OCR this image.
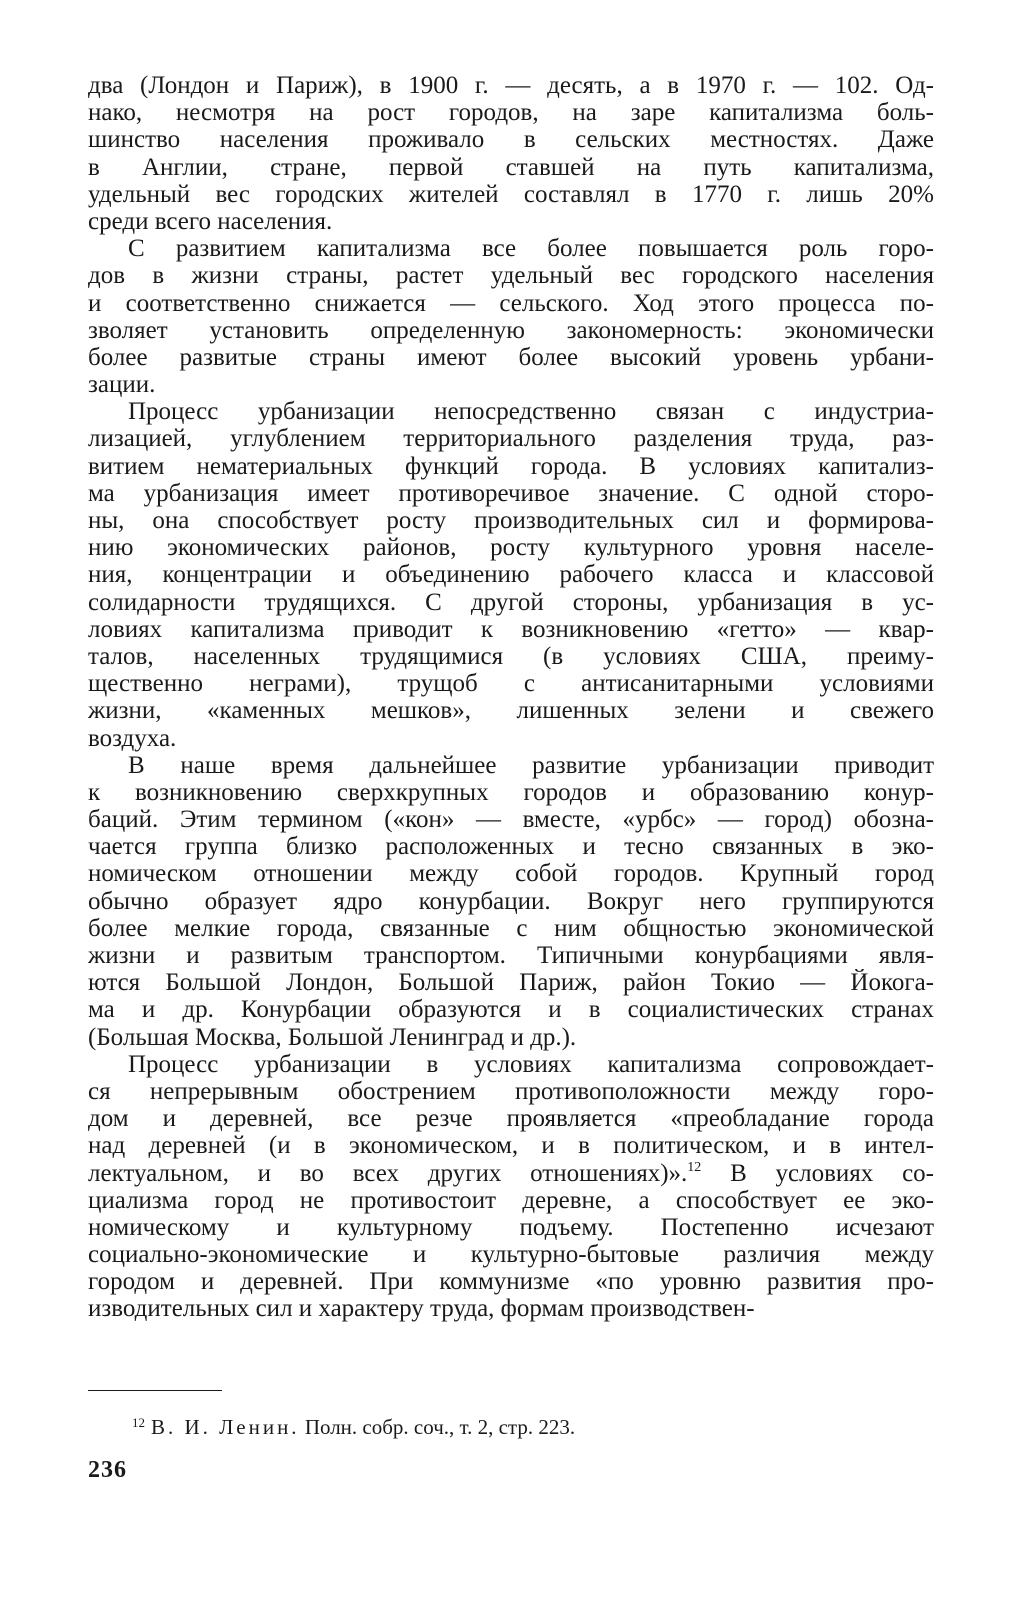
два (Лондон и Париж), в 1900 г. — десять, а в 1970 г. — 102. Од-
нако, несмотря на рост городов, на заре капитализма боль-
шинство населения проживало в сельских местностях. Даже
в Англии, стране, первой ставшей на путь капитализма,
удельный вес городских жителей составлял в 1770 г. лишь 20%
среди всего населения.
С развитием капитализма все более повышается роль горо-
дов в жизни страны, растет удельный вес городского населения
и соответственно снижается — сельского. Ход этого процесса по-
зволяет установить определенную закономерность: экономически
более развитые страны имеют более высокий уровень урбани-
зации.
Процесс урбанизации непосредственно связан с индустриа-
лизацией, углублением территориального разделения труда, раз-
витием нематериальных функций города. В условиях капитализ-
ма урбанизация имеет противоречивое значение. С одной сторо-
ны, она способствует росту производительных сил и формирова-
нию экономических районов, росту культурного уровня населе-
ния, концентрации и объединению рабочего класса и классовой
солидарности трудящихся. С другой стороны, урбанизация в ус-
ловиях капитализма приводит к возникновению «гетто» — квар-
талов, населенных трудящимися (в условиях США, преиму-
щественно неграми), трущоб с антисанитарными условиями
жизни, «каменных мешков», лишенных зелени и свежего
воздуха.
В наше время дальнейшее развитие урбанизации приводит
к возникновению сверхкрупных городов и образованию конур-
баций. Этим термином («кон» — вместе, «урбс» — город) обозна-
чается группа близко расположенных и тесно связанных в эко-
номическом отношении между собой городов. Крупный город
обычно образует ядро конурбации. Вокруг него группируются
более мелкие города, связанные с ним общностью экономической
жизни и развитым транспортом. Типичными конурбациями явля-
ются Большой Лондон, Большой Париж, район Токио — Йокога-
ма и др. Конурбации образуются и в социалистических странах
(Большая Москва, Большой Ленинград и др.).
Процесс урбанизации в условиях капитализма сопровождает-
ся непрерывным обострением противоположности между горо-
дом и деревней, все резче проявляется «преобладание города
над деревней (и в экономическом, и в политическом, и в интел-
лектуальном, и во всех других отношениях)».$^{12}$ В условиях со-
циализма город не противостоит деревне, а способствует ее эко-
номическому и культурному подъему. Постепенно исчезают
социально-экономические и культурно-бытовые различия между
городом и деревней. При коммунизме «по уровню развития про-
изводительных сил и характеру труда, формам производствен-
$^{12}$ В. И. Ленин. Полн. собр. соч., т. 2, стр. 223.
236
